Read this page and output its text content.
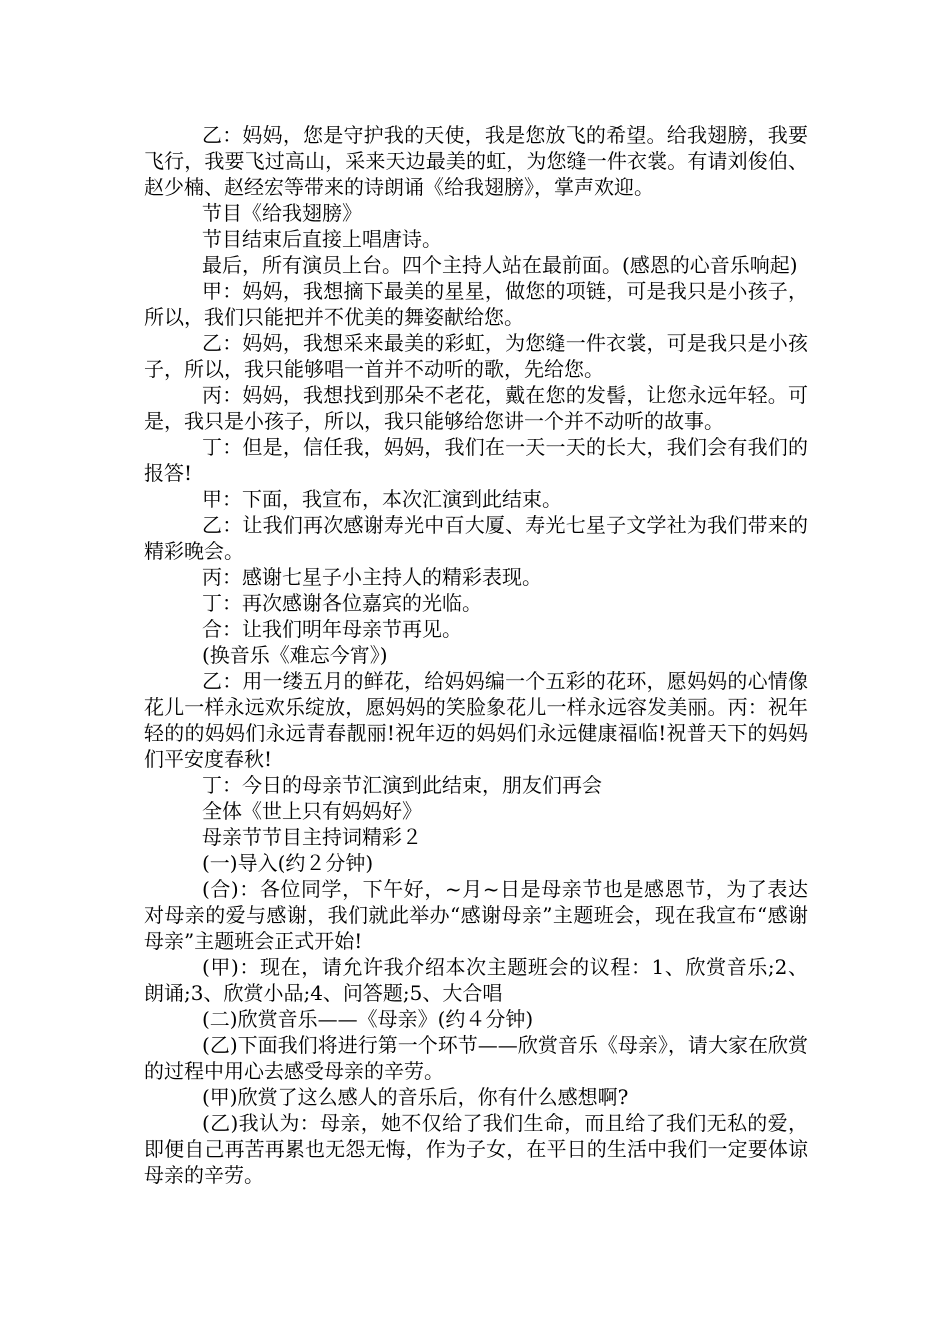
乙：妈妈，您是守护我的天使，我是您放飞的希望。给我翅膀，我要飞行，我要飞过高山，采来天边最美的虹，为您缝一件衣裳。有请刘俊伯、赵少楠、赵经宏等带来的诗朗诵《给我翅膀》，掌声欢迎。

节目《给我翅膀》

节目结束后直接上唱唐诗。

最后，所有演员上台。四个主持人站在最前面。(感恩的心音乐响起)

甲：妈妈，我想摘下最美的星星，做您的项链，可是我只是小孩子，所以，我们只能把并不优美的舞姿献给您。

乙：妈妈，我想采来最美的彩虹，为您缝一件衣裳，可是我只是小孩子，所以，我只能够唱一首并不动听的歌，先给您。

丙：妈妈，我想找到那朵不老花，戴在您的发髻，让您永远年轻。可是，我只是小孩子，所以，我只能够给您讲一个并不动听的故事。

丁：但是，信任我，妈妈，我们在一天一天的长大，我们会有我们的报答!

甲：下面，我宣布，本次汇演到此结束。

乙：让我们再次感谢寿光中百大厦、寿光七星子文学社为我们带来的精彩晚会。

丙：感谢七星子小主持人的精彩表现。

丁：再次感谢各位嘉宾的光临。

合：让我们明年母亲节再见。

(换音乐《难忘今宵》)

乙：用一缕五月的鲜花，给妈妈编一个五彩的花环，愿妈妈的心情像花儿一样永远欢乐绽放，愿妈妈的笑脸象花儿一样永远容发美丽。丙：祝年轻的的妈妈们永远青春靓丽!祝年迈的妈妈们永远健康福临!祝普天下的妈妈们平安度春秋!

丁：今日的母亲节汇演到此结束，朋友们再会

全体《世上只有妈妈好》

母亲节节目主持词精彩２

(一)导入(约２分钟)

(合)：各位同学，下午好，~月~日是母亲节也是感恩节，为了表达对母亲的爱与感谢，我们就此举办“感谢母亲”主题班会，现在我宣布“感谢母亲”主题班会正式开始!

(甲)：现在，请允许我介绍本次主题班会的议程：1、欣赏音乐;2、朗诵;3、欣赏小品;4、问答题;5、大合唱

(二)欣赏音乐——《母亲》(约４分钟)

(乙)下面我们将进行第一个环节——欣赏音乐《母亲》，请大家在欣赏的过程中用心去感受母亲的辛劳。

(甲)欣赏了这么感人的音乐后，你有什么感想啊?

(乙)我认为：母亲，她不仅给了我们生命，而且给了我们无私的爱，即便自己再苦再累也无怨无悔，作为子女，在平日的生活中我们一定要体谅母亲的辛劳。
